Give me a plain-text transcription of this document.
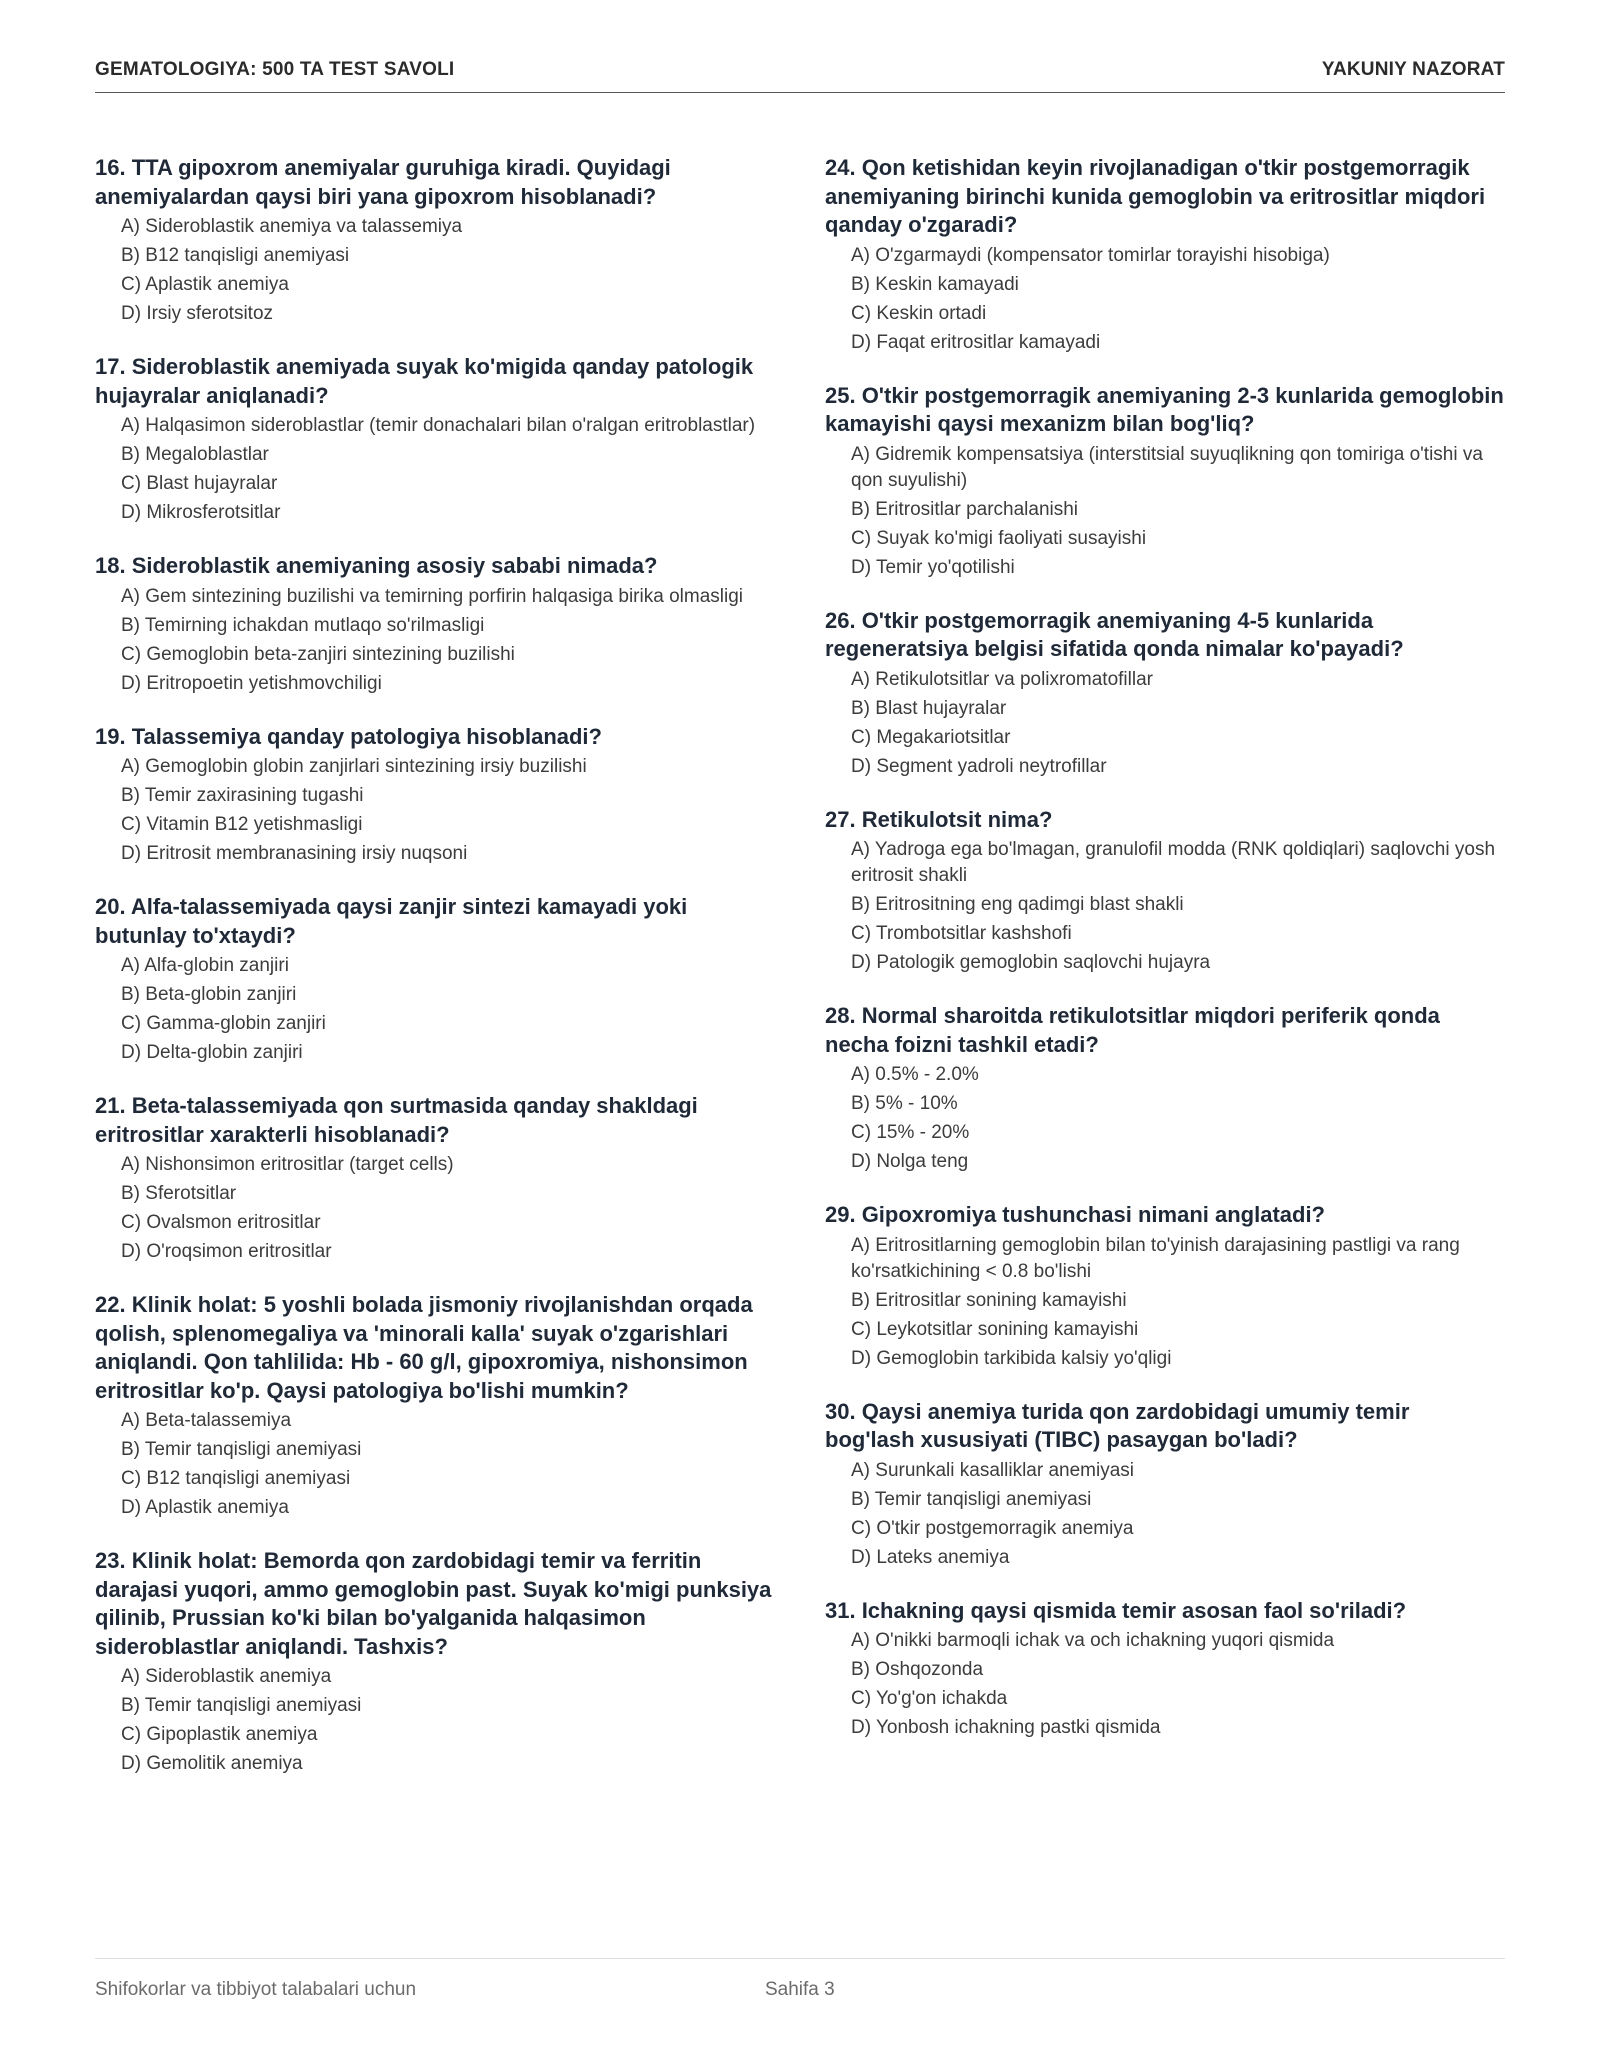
GEMATOLOGIYA: 500 TA TEST SAVOLI	YAKUNIY NAZORAT
16. TTA gipoxrom anemiyalar guruhiga kiradi. Quyidagi anemiyalardan qaysi biri yana gipoxrom hisoblanadi?
A) Sideroblastik anemiya va talassemiya
B) B12 tanqisligi anemiyasi
C) Aplastik anemiya
D) Irsiy sferotsitoz
17. Sideroblastik anemiyada suyak ko'migida qanday patologik hujayralar aniqlanadi?
A) Halqasimon sideroblastlar (temir donachalari bilan o'ralgan eritroblastlar)
B) Megaloblastlar
C) Blast hujayralar
D) Mikrosferotsitlar
18. Sideroblastik anemiyaning asosiy sababi nimada?
A) Gem sintezining buzilishi va temirning porfirin halqasiga birika olmasligi
B) Temirning ichakdan mutlaqo so'rilmasligi
C) Gemoglobin beta-zanjiri sintezining buzilishi
D) Eritropoetin yetishmovchiligi
19. Talassemiya qanday patologiya hisoblanadi?
A) Gemoglobin globin zanjirlari sintezining irsiy buzilishi
B) Temir zaxirasining tugashi
C) Vitamin B12 yetishmasligi
D) Eritrosit membranasining irsiy nuqsoni
20. Alfa-talassemiyada qaysi zanjir sintezi kamayadi yoki butunlay to'xtaydi?
A) Alfa-globin zanjiri
B) Beta-globin zanjiri
C) Gamma-globin zanjiri
D) Delta-globin zanjiri
21. Beta-talassemiyada qon surtmasida qanday shakldagi eritrositlar xarakterli hisoblanadi?
A) Nishonsimon eritrositlar (target cells)
B) Sferotsitlar
C) Ovalsmon eritrositlar
D) O'roqsimon eritrositlar
22. Klinik holat: 5 yoshli bolada jismoniy rivojlanishdan orqada qolish, splenomegaliya va 'minorali kalla' suyak o'zgarishlari aniqlandi. Qon tahlilida: Hb - 60 g/l, gipoxromiya, nishonsimon eritrositlar ko'p. Qaysi patologiya bo'lishi mumkin?
A) Beta-talassemiya
B) Temir tanqisligi anemiyasi
C) B12 tanqisligi anemiyasi
D) Aplastik anemiya
23. Klinik holat: Bemorda qon zardobidagi temir va ferritin darajasi yuqori, ammo gemoglobin past. Suyak ko'migi punksiya qilinib, Prussian ko'ki bilan bo'yalganida halqasimon sideroblastlar aniqlandi. Tashxis?
A) Sideroblastik anemiya
B) Temir tanqisligi anemiyasi
C) Gipoplastik anemiya
D) Gemolitik anemiya
24. Qon ketishidan keyin rivojlanadigan o'tkir postgemorragik anemiyaning birinchi kunida gemoglobin va eritrositlar miqdori qanday o'zgaradi?
A) O'zgarmaydi (kompensator tomirlar torayishi hisobiga)
B) Keskin kamayadi
C) Keskin ortadi
D) Faqat eritrositlar kamayadi
25. O'tkir postgemorragik anemiyaning 2-3 kunlarida gemoglobin kamayishi qaysi mexanizm bilan bog'liq?
A) Gidremik kompensatsiya (interstitsial suyuqlikning qon tomiriga o'tishi va qon suyulishi)
B) Eritrositlar parchalanishi
C) Suyak ko'migi faoliyati susayishi
D) Temir yo'qotilishi
26. O'tkir postgemorragik anemiyaning 4-5 kunlarida regeneratsiya belgisi sifatida qonda nimalar ko'payadi?
A) Retikulotsitlar va polixromatofillar
B) Blast hujayralar
C) Megakariotsitlar
D) Segment yadroli neytrofillar
27. Retikulotsit nima?
A) Yadroga ega bo'lmagan, granulofil modda (RNK qoldiqlari) saqlovchi yosh eritrosit shakli
B) Eritrositning eng qadimgi blast shakli
C) Trombotsitlar kashshofi
D) Patologik gemoglobin saqlovchi hujayra
28. Normal sharoitda retikulotsitlar miqdori periferik qonda necha foizni tashkil etadi?
A) 0.5% - 2.0%
B) 5% - 10%
C) 15% - 20%
D) Nolga teng
29. Gipoxromiya tushunchasi nimani anglatadi?
A) Eritrositlarning gemoglobin bilan to'yinish darajasining pastligi va rang ko'rsatkichining < 0.8 bo'lishi
B) Eritrositlar sonining kamayishi
C) Leykotsitlar sonining kamayishi
D) Gemoglobin tarkibida kalsiy yo'qligi
30. Qaysi anemiya turida qon zardobidagi umumiy temir bog'lash xususiyati (TIBC) pasaygan bo'ladi?
A) Surunkali kasalliklar anemiyasi
B) Temir tanqisligi anemiyasi
C) O'tkir postgemorragik anemiya
D) Lateks anemiya
31. Ichakning qaysi qismida temir asosan faol so'riladi?
A) O'nikki barmoqli ichak va och ichakning yuqori qismida
B) Oshqozonda
C) Yo'g'on ichakda
D) Yonbosh ichakning pastki qismida
Shifokorlar va tibbiyot talabalari uchun	Sahifa 3
